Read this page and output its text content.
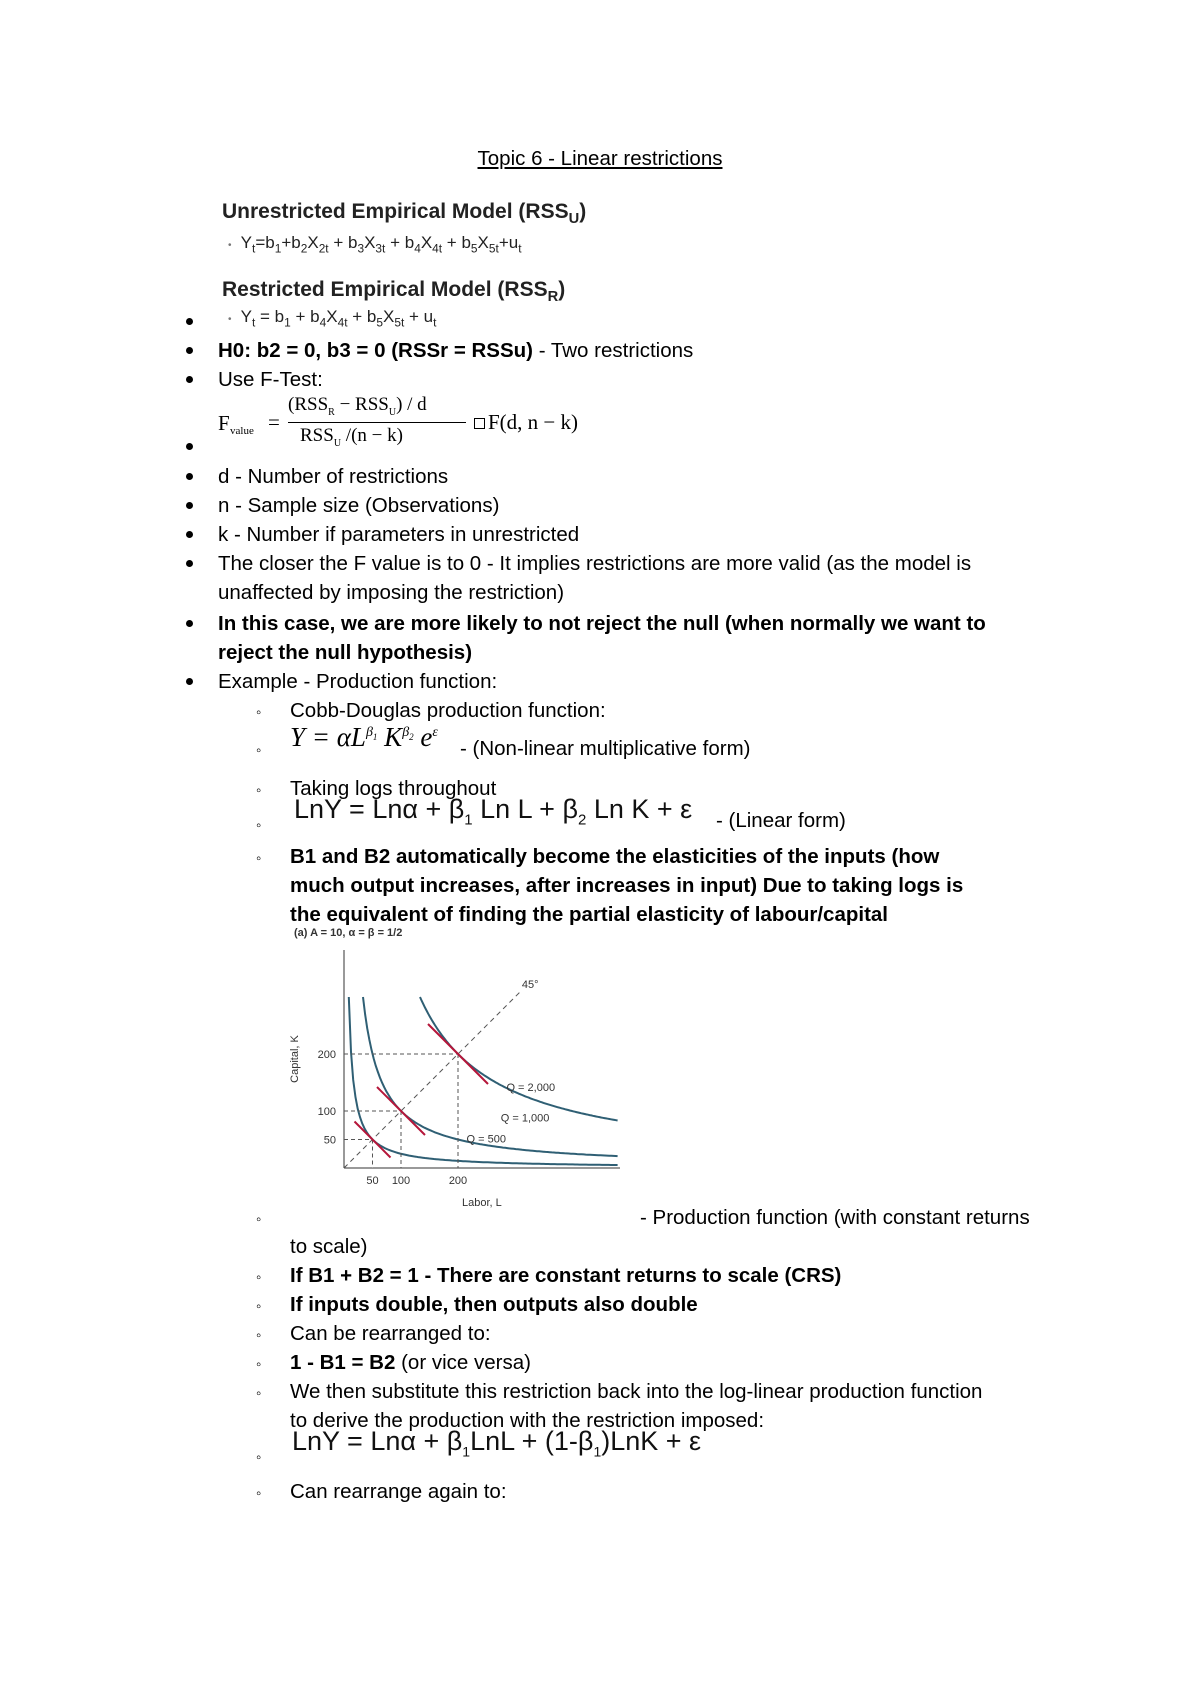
Topic 6 - Linear restrictions
Unrestricted Empirical Model $(RSS_U)$
•  $Y_t=b_1+b_2X_{2t} + b_3X_{3t} + b_4X_{4t} + b_5X_{5t}+u_t$
Restricted Empirical Model $(RSS_R)$
•  $Y_t = b_1 + b_4X_{4t} + b_5X_{5t} + u_t$
H0: b2 = 0, b3 = 0 (RSSr = RSSu) - Two restrictions
Use F-Test:
F value =
$(RSS_R - RSS_U) / d$
$RSS_U$ /(n − k)
F(d, n − k)
d - Number of restrictions
n - Sample size (Observations)
k - Number if parameters in unrestricted
The closer the F value is to 0 - It implies restrictions are more valid (as the model is
unaffected by imposing the restriction)
In this case, we are more likely to not reject the null (when normally we want to
reject the null hypothesis)
Example - Production function:
◦ Cobb-Douglas production function:
◦ $Y = \alpha L^{\beta_1}$ $K^{\beta_2}$ $e^\varepsilon$
- (Non-linear multiplicative form)
◦ Taking logs throughout
◦
LnY = $Ln\alpha + \beta_1$ Ln $L + \beta_2$ Ln K + ε - (Linear form)
◦ B1 and B2 automatically become the elasticities of the inputs (how
much output increases, after increases in input) Due to taking logs is
the equivalent of finding the partial elasticity of labour/capital
(a) A = 10, α = β = 1/2
45°
Q = 500
Q = 1,000
Q = 2,000
50 100	200
50
100
200
Labor, L
Capital, K
◦	- Production function (with constant returns
to scale)
◦ If B1 + B2 = 1 - There are constant returns to scale (CRS)
◦ If inputs double, then outputs also double
◦ Can be rearranged to:
◦ 1 - B1 = B2 (or vice versa)
◦ We then substitute this restriction back into the log-linear production function
to derive the production with the restriction imposed:
◦
LnY = $Ln\alpha + \beta_1LnL + (1-\beta_1)LnK + \varepsilon$
◦ Can rearrange again to:
